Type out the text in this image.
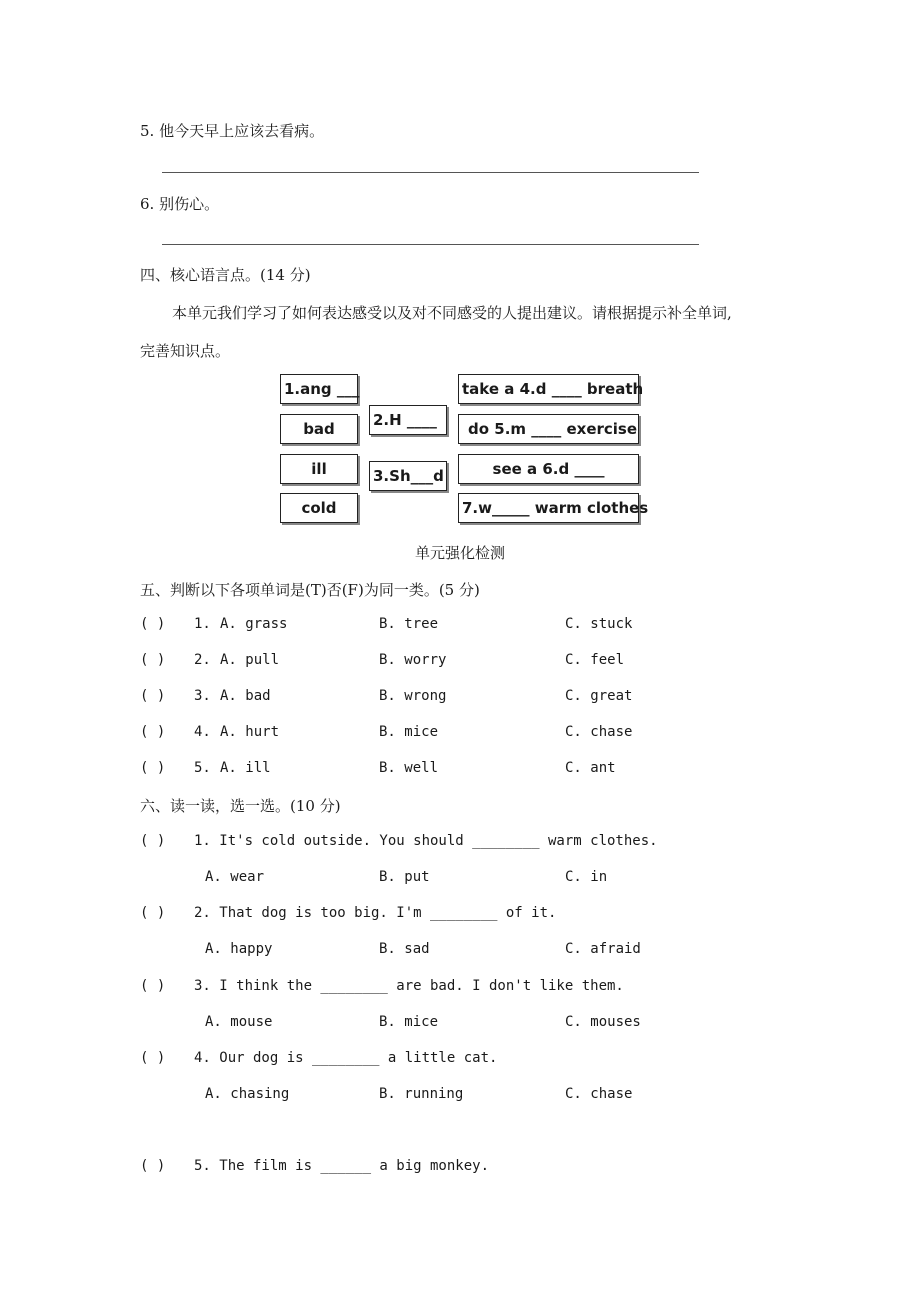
5. 他今天早上应该去看病。
6. 别伤心。
四、核心语言点。(14 分)
本单元我们学习了如何表达感受以及对不同感受的人提出建议。请根据提示补全单词,
完善知识点。
1.ang ___
bad
ill
cold
2.H ____
3.Sh___d
take a 4.d ____ breath
do 5.m ____ exercise
see a 6.d ____
7.w_____ warm clothes
单元强化检测
五、判断以下各项单词是(T)否(F)为同一类。(5 分)
( ) 1. A. grass	B. tree	C. stuck
( ) 2. A. pull	B. worry	C. feel
( ) 3. A. bad	B. wrong	C. great
( ) 4. A. hurt	B. mice	C. chase
( ) 5. A. ill	B. well	C. ant
六、读一读，选一选。(10 分)
( ) 1. It's cold outside. You should ________ warm clothes.
A. wear	B. put	C. in
( ) 2. That dog is too big. I'm ________ of it.
A. happy	B. sad	C. afraid
( ) 3. I think the ________ are bad. I don't like them.
A. mouse	B. mice	C. mouses
( ) 4. Our dog is ________ a little cat.
A. chasing	B. running	C. chase
( ) 5. The film is ______ a big monkey.
